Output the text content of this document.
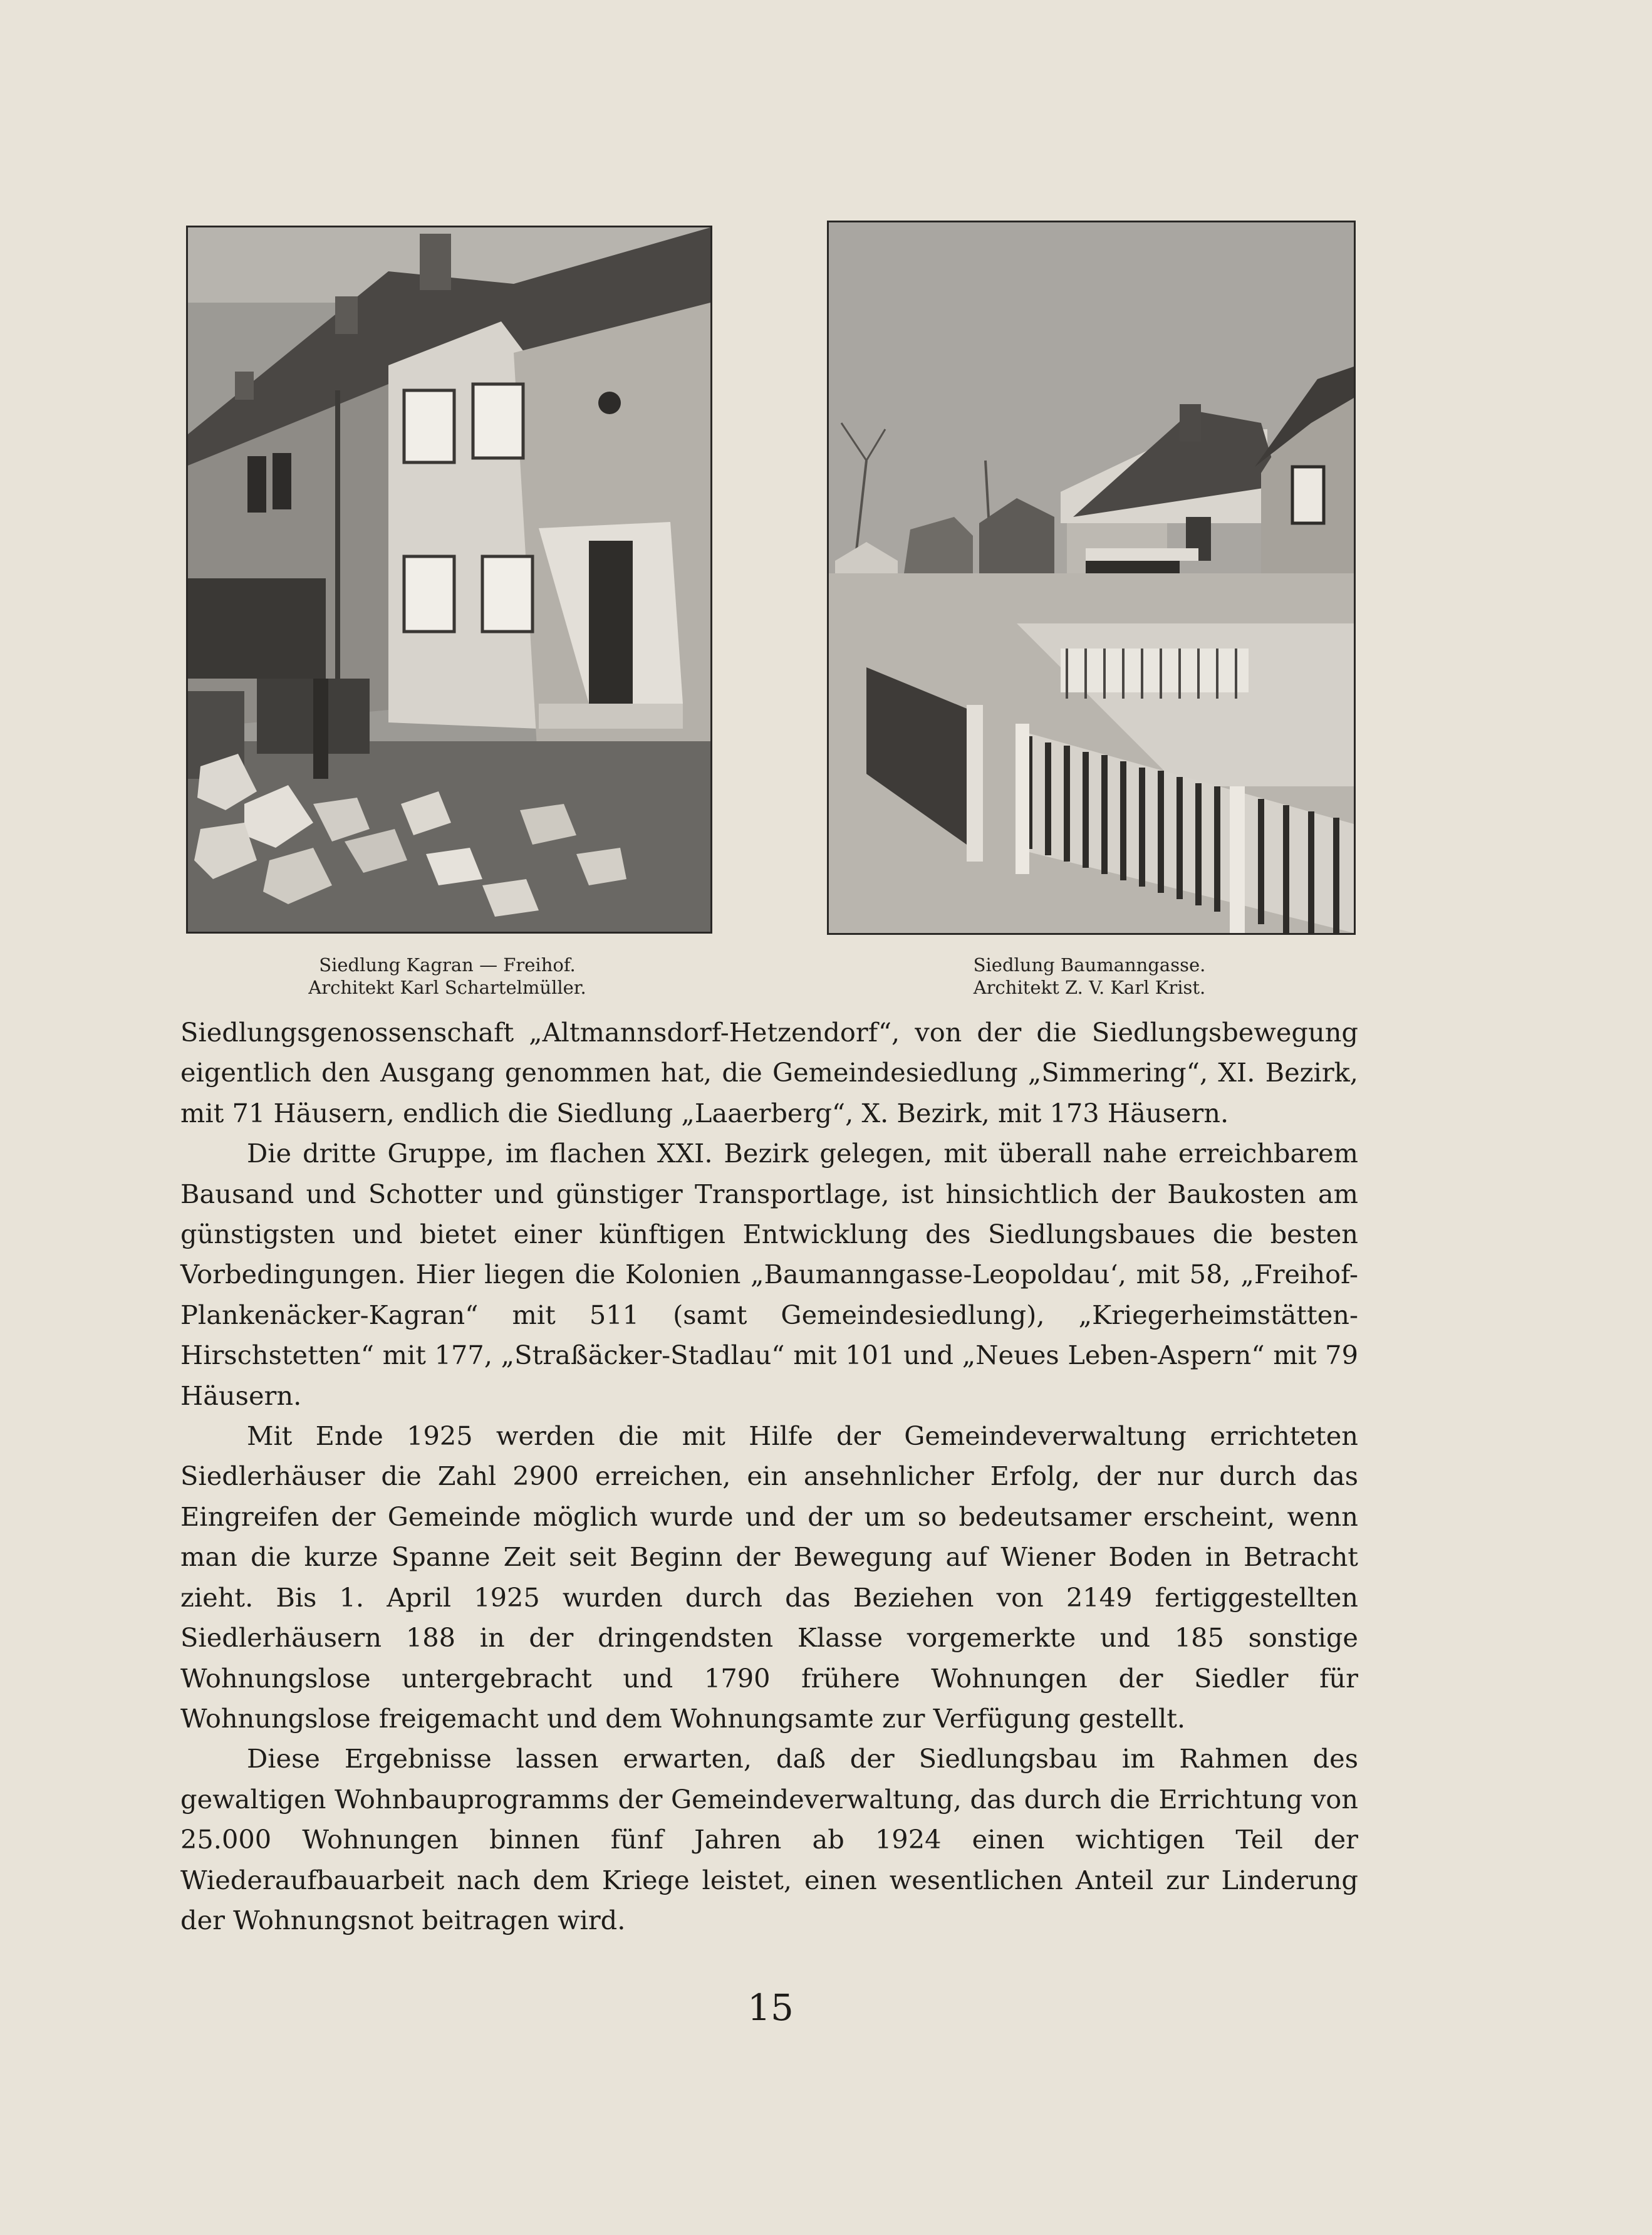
Siedlung Kagran — Freihof.
Architekt Karl Schartelmüller.
Siedlung Baumanngasse.
Architekt Z. V. Karl Krist.

Siedlungsgenossenschaft „Altmannsdorf-Hetzendorf“, von der die Siedlungsbewegung eigentlich den Ausgang genommen hat, die Gemeindesiedlung „Simmering“, XI. Bezirk, mit 71 Häusern, endlich die Siedlung „Laaerberg“, X. Bezirk, mit 173 Häusern.

Die dritte Gruppe, im flachen XXI. Bezirk gelegen, mit überall nahe erreichbarem Bausand und Schotter und günstiger Transportlage, ist hinsichtlich der Baukosten am günstigsten und bietet einer künftigen Entwicklung des Siedlungsbaues die besten Vorbedingungen. Hier liegen die Kolonien „Baumanngasse-Leopoldau‘, mit 58, „Freihof-Plankenäcker-Kagran“ mit 511 (samt Gemeindesiedlung), „Kriegerheimstätten-Hirschstetten“ mit 177, „Straßäcker-Stadlau“ mit 101 und „Neues Leben-Aspern“ mit 79 Häusern.

Mit Ende 1925 werden die mit Hilfe der Gemeindeverwaltung errichteten Siedlerhäuser die Zahl 2900 erreichen, ein ansehnlicher Erfolg, der nur durch das Eingreifen der Gemeinde möglich wurde und der um so bedeutsamer erscheint, wenn man die kurze Spanne Zeit seit Beginn der Bewegung auf Wiener Boden in Betracht zieht. Bis 1. April 1925 wurden durch das Beziehen von 2149 fertiggestellten Siedlerhäusern 188 in der dringendsten Klasse vorgemerkte und 185 sonstige Wohnungslose untergebracht und 1790 frühere Wohnungen der Siedler für Wohnungslose freigemacht und dem Wohnungsamte zur Verfügung gestellt.

Diese Ergebnisse lassen erwarten, daß der Siedlungsbau im Rahmen des gewaltigen Wohnbauprogramms der Gemeindeverwaltung, das durch die Errichtung von 25.000 Wohnungen binnen fünf Jahren ab 1924 einen wichtigen Teil der Wiederaufbauarbeit nach dem Kriege leistet, einen wesentlichen Anteil zur Linderung der Wohnungsnot beitragen wird.

15
